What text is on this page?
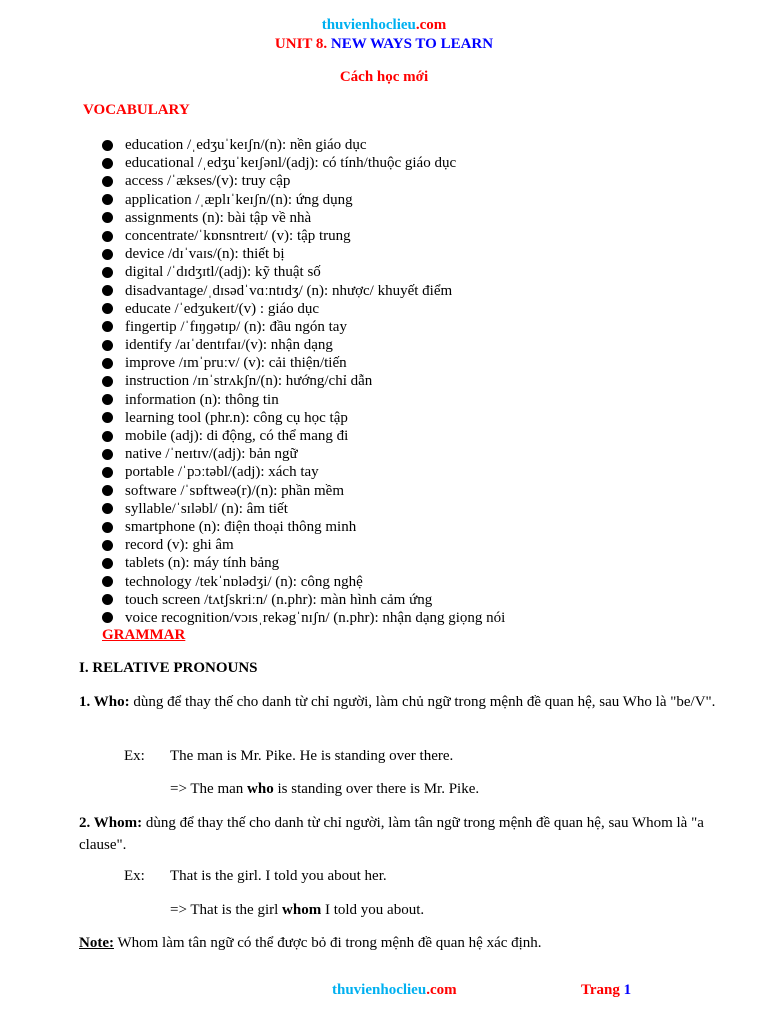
thuvienhoclieu.com
UNIT 8. NEW WAYS TO LEARN
Cách học mới
VOCABULARY
education /ˌedʒuˈkeɪʃn/(n): nền giáo dục
educational /ˌedʒuˈkeɪʃənl/(adj): có tính/thuộc giáo dục
access /ˈækses/(v): truy cập
application /ˌæplɪˈkeɪʃn/(n): ứng dụng
assignments (n): bài tập về nhà
concentrate/ˈkɒnsntreɪt/ (v): tập trung
device /dɪˈvaɪs/(n): thiết bị
digital /ˈdɪdʒɪtl/(adj): kỹ thuật số
disadvantage/ˌdɪsədˈvɑːntɪdʒ/ (n): nhược/ khuyết điểm
educate /ˈedʒukeɪt/(v) : giáo dục
fingertip /ˈfɪŋɡətɪp/ (n): đầu ngón tay
identify /aɪˈdentɪfaɪ/(v): nhận dạng
improve /ɪmˈpruːv/ (v): cải thiện/tiến
instruction /ɪnˈstrʌkʃn/(n): hướng/chỉ dẫn
information (n): thông tin
learning tool (phr.n): công cụ học tập
mobile (adj): di động, có thể mang đi
native /ˈneɪtɪv/(adj): bản ngữ
portable /ˈpɔːtəbl/(adj): xách tay
software /ˈsɒftweə(r)/(n): phần mềm
syllable/ˈsɪləbl/ (n): âm tiết
smartphone (n): điện thoại thông minh
record (v): ghi âm
tablets (n): máy tính bảng
technology /tekˈnɒlədʒi/ (n): công nghệ
touch screen /tʌtʃskriːn/ (n.phr): màn hình cảm ứng
voice recognition/vɔɪsˌrekəgˈnɪʃn/ (n.phr): nhận dạng giọng nói
GRAMMAR
I. RELATIVE PRONOUNS
1. Who: dùng để thay thế cho danh từ chỉ người, làm chủ ngữ trong mệnh đề quan hệ, sau Who là "be/V".
Ex: The man is Mr. Pike. He is standing over there.
=> The man who is standing over there is Mr. Pike.
2. Whom: dùng để thay thế cho danh từ chỉ người, làm tân ngữ trong mệnh đề quan hệ, sau Whom là "a clause".
Ex: That is the girl. I told you about her.
=> That is the girl whom I told you about.
Note: Whom làm tân ngữ có thể được bỏ đi trong mệnh đề quan hệ xác định.
thuvienhoclieu.com	Trang 1
